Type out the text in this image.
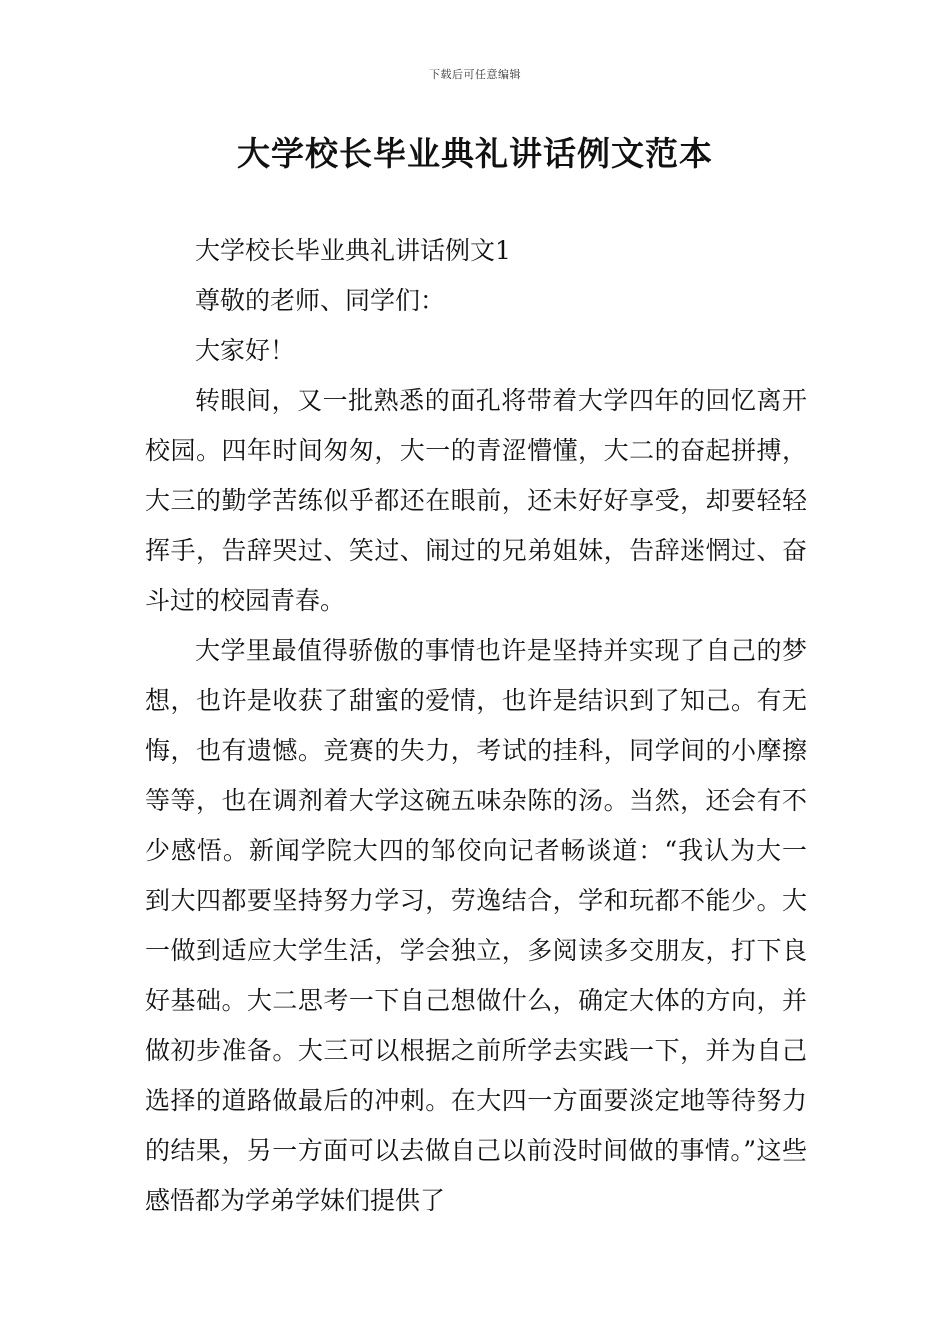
下载后可任意编辑
大学校长毕业典礼讲话例文范本

大学校长毕业典礼讲话例文1

尊敬的老师、同学们：

大家好！

转眼间，又一批熟悉的面孔将带着大学四年的回忆离开校园。四年时间匆匆，大一的青涩懵懂，大二的奋起拼搏，大三的勤学苦练似乎都还在眼前，还未好好享受，却要轻轻挥手，告辞哭过、笑过、闹过的兄弟姐妹，告辞迷惘过、奋斗过的校园青春。

大学里最值得骄傲的事情也许是坚持并实现了自己的梦想，也许是收获了甜蜜的爱情，也许是结识到了知己。有无悔，也有遗憾。竞赛的失力，考试的挂科，同学间的小摩擦等等，也在调剂着大学这碗五味杂陈的汤。当然，还会有不少感悟。新闻学院大四的邹佼向记者畅谈道：“我认为大一到大四都要坚持努力学习，劳逸结合，学和玩都不能少。大一做到适应大学生活，学会独立，多阅读多交朋友，打下良好基础。大二思考一下自己想做什么，确定大体的方向，并做初步准备。大三可以根据之前所学去实践一下，并为自己选择的道路做最后的冲刺。在大四一方面要淡定地等待努力的结果，另一方面可以去做自己以前没时间做的事情。”这些感悟都为学弟学妹们提供了
